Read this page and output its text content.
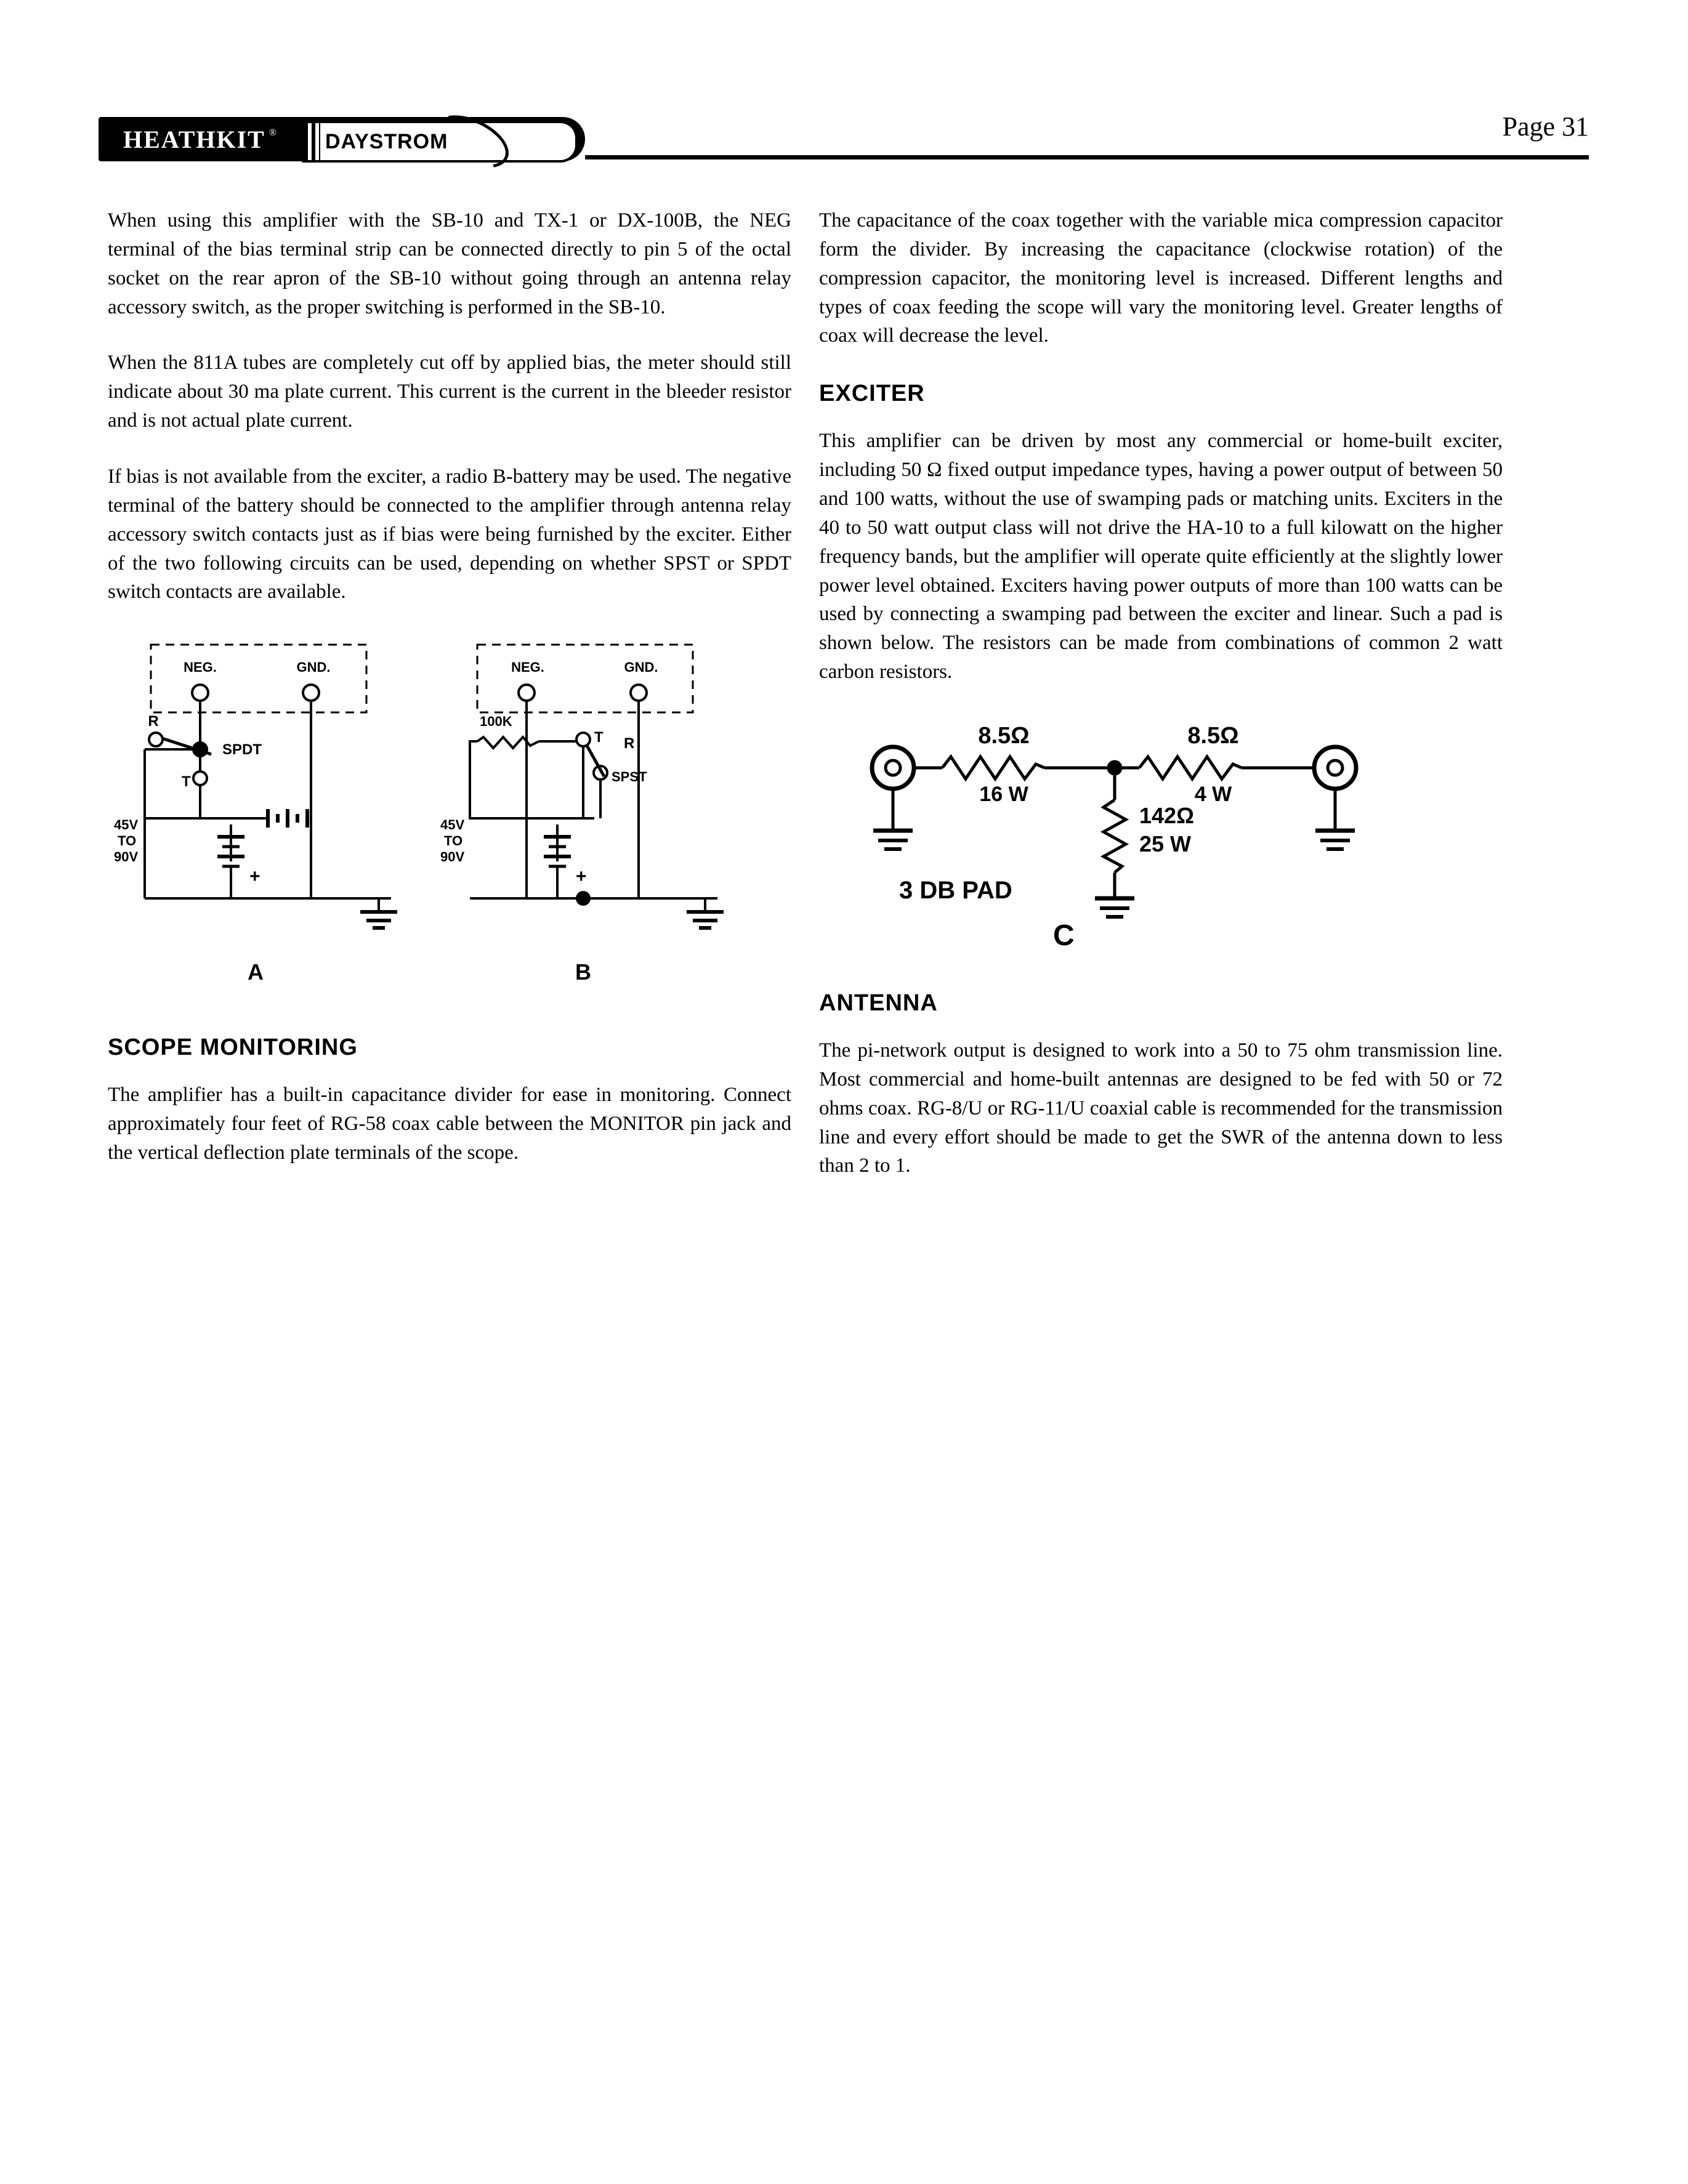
HEATHKIT ® DAYSTROM	Page 31

When using this amplifier with the SB-10 and TX-1 or DX-100B, the NEG terminal of the bias terminal strip can be connected directly to pin 5 of the octal socket on the rear apron of the SB-10 without going through an antenna relay accessory switch, as the proper switching is performed in the SB-10.

When the 811A tubes are completely cut off by applied bias, the meter should still indicate about 30 ma plate current. This current is the current in the bleeder resistor and is not actual plate current.

If bias is not available from the exciter, a radio B-battery may be used. The negative terminal of the battery should be connected to the amplifier through antenna relay accessory switch contacts just as if bias were being furnished by the exciter. Either of the two following circuits can be used, depending on whether SPST or SPDT switch contacts are available.

NEG.	GND.
R
SPDT
T
45V
TO
90V
+
A
NEG.	GND.
100K
T R
SPST
45V
TO
90V
+
B
SCOPE MONITORING

The amplifier has a built-in capacitance divider for ease in monitoring. Connect approximately four feet of RG-58 coax cable between the MONITOR pin jack and the vertical deflection plate terminals of the scope.

The capacitance of the coax together with the variable mica compression capacitor form the divider. By increasing the capacitance (clockwise rotation) of the compression capacitor, the monitoring level is increased. Different lengths and types of coax feeding the scope will vary the monitoring level. Greater lengths of coax will decrease the level.

EXCITER

This amplifier can be driven by most any commercial or home-built exciter, including 50 Ω fixed output impedance types, having a power output of between 50 and 100 watts, without the use of swamping pads or matching units. Exciters in the 40 to 50 watt output class will not drive the HA-10 to a full kilowatt on the higher frequency bands, but the amplifier will operate quite efficiently at the slightly lower power level obtained. Exciters having power outputs of more than 100 watts can be used by connecting a swamping pad between the exciter and linear. Such a pad is shown below. The resistors can be made from combinations of common 2 watt carbon resistors.

8.5Ω
16 W
8.5Ω
4 W
142Ω
25 W
3 DB PAD
C
ANTENNA

The pi-network output is designed to work into a 50 to 75 ohm transmission line. Most commercial and home-built antennas are designed to be fed with 50 or 72 ohms coax. RG-8/U or RG-11/U coaxial cable is recommended for the transmission line and every effort should be made to get the SWR of the antenna down to less than 2 to 1.
